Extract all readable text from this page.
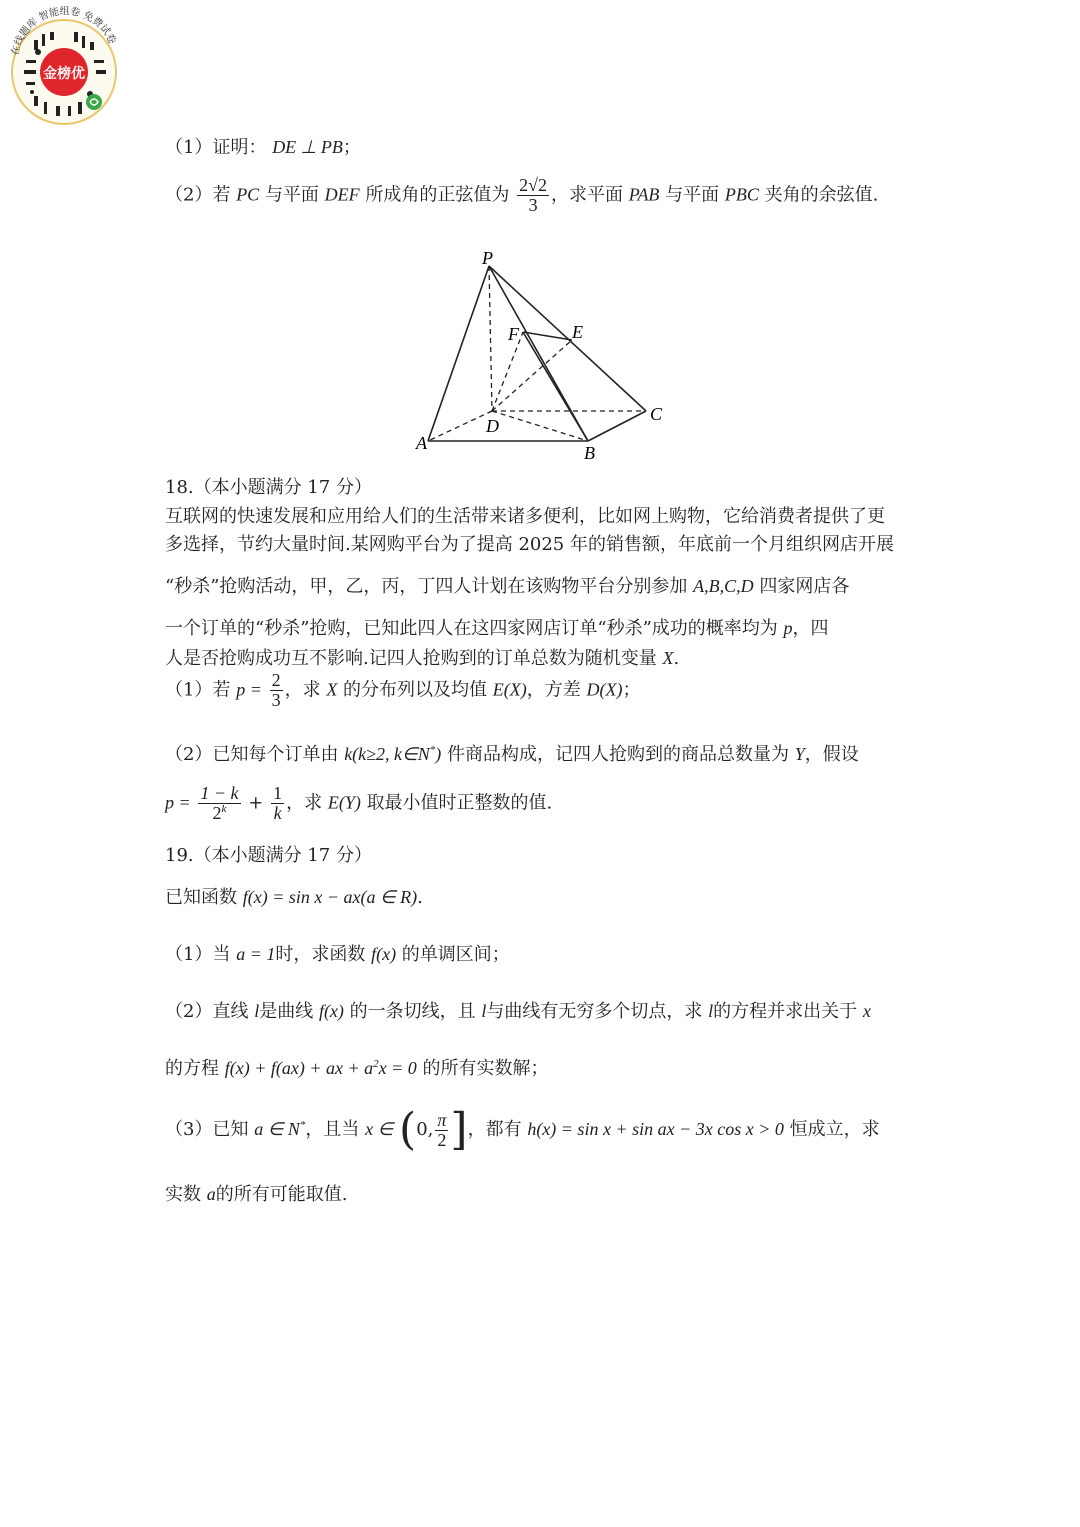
金榜优
在线题库 智能组卷 免费试卷
（1）证明： DE ⊥ PB；
（2）若 PC 与平面 DEF 所成角的正弦值为 $\frac{2√2}{3}$ ，求平面 PAB 与平面 PBC 夹角的余弦值.
P
F	E
D
C
A	B
18.（本小题满分 17 分）
互联网的快速发展和应用给人们的生活带来诸多便利，比如网上购物，它给消费者提供了更
多选择，节约大量时间.某网购平台为了提高 2025 年的销售额，年底前一个月组织网店开展
“秒杀”抢购活动，甲，乙，丙，丁四人计划在该购物平台分别参加 A,B,C,D 四家网店各
一个订单的“秒杀”抢购，已知此四人在这四家网店订单“秒杀”成功的概率均为 p，四
人是否抢购成功互不影响.记四人抢购到的订单总数为随机变量 X.
（1）若 $p = \frac{2}{3}$ ，求 X 的分布列以及均值 E(X)，方差 D(X)；
（2）已知每个订单由 k(k≥2, k∈N*) 件商品构成，记四人抢购到的商品总数量为 Y，假设
$p = \frac{1 - k}{2^k} + \frac{1}{k}$ ，求 E(Y) 取最小值时正整数的值.
19.（本小题满分 17 分）
已知函数 f(x) = sin x − ax(a ∈ R).
（1）当 a = 1时，求函数 f(x) 的单调区间；
（2）直线 l是曲线 f(x) 的一条切线，且 l与曲线有无穷多个切点，求 l的方程并求出关于 x
的方程 f(x) + f(ax) + ax + $a^2x = 0$ 的所有实数解；
（3）已知 a ∈ N*，且当 x ∈ (0, $\frac{\pi}{2}$ ]，都有 h(x) = sin x + sin ax − 3x cos x > 0 恒成立，求
实数 a的所有可能取值.
